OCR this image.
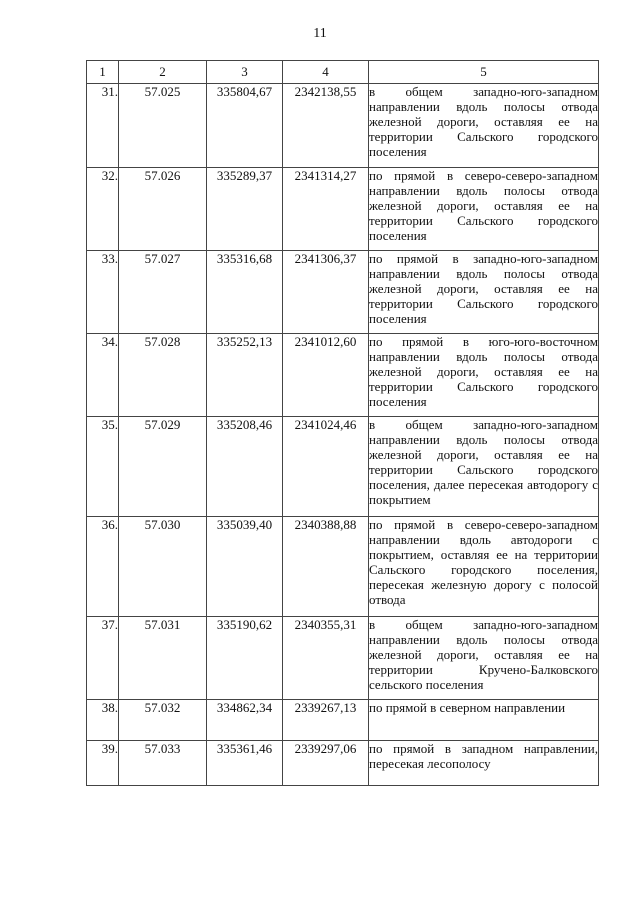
11
1	2	3	4	5
31.	57.025	335804,67	2342138,55	в общем западно-юго-западном направлении вдоль полосы отвода железной дороги, оставляя ее на территории Сальского городского поселения
32.	57.026	335289,37	2341314,27	по прямой в северо-северо-западном направлении вдоль полосы отвода железной дороги, оставляя ее на территории Сальского городского поселения
33.	57.027	335316,68	2341306,37	по прямой в западно-юго-западном направлении вдоль полосы отвода железной дороги, оставляя ее на территории Сальского городского поселения
34.	57.028	335252,13	2341012,60	по прямой в юго-юго-восточном направлении вдоль полосы отвода железной дороги, оставляя ее на территории Сальского городского поселения
35.	57.029	335208,46	2341024,46	в общем западно-юго-западном направлении вдоль полосы отвода железной дороги, оставляя ее на территории Сальского городского поселения, далее пересекая автодорогу с покрытием
36.	57.030	335039,40	2340388,88	по прямой в северо-северо-западном направлении вдоль автодороги с покрытием, оставляя ее на территории Сальского городского поселения, пересекая железную дорогу с полосой отвода
37.	57.031	335190,62	2340355,31	в общем западно-юго-западном направлении вдоль полосы отвода железной дороги, оставляя ее на территории Кручено-Балковского сельского поселения
38.	57.032	334862,34	2339267,13	по прямой в северном направлении
39.	57.033	335361,46	2339297,06	по прямой в западном направлении, пересекая лесополосу
